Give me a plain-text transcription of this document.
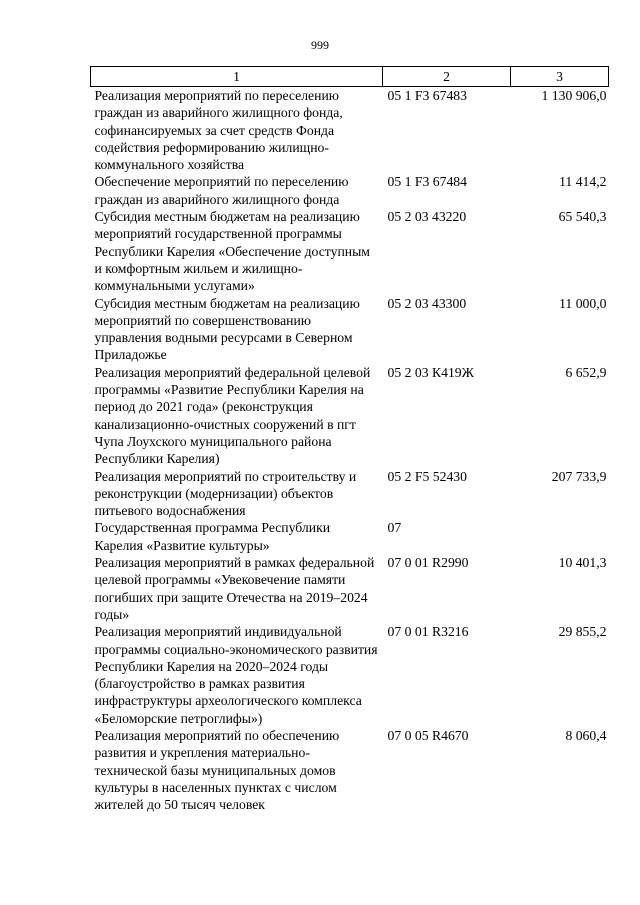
999
1	2	3
Реализация мероприятий по переселению граждан из аварийного жилищного фонда, софинансируемых за счет средств Фонда содействия реформированию жилищно-коммунального хозяйства	05 1 F3 67483	1 130 906,0
Обеспечение мероприятий по переселению граждан из аварийного жилищного фонда	05 1 F3 67484	11 414,2
Субсидия местным бюджетам на реализацию мероприятий государственной программы Республики Карелия «Обеспечение доступным и комфортным жильем и жилищно-коммунальными услугами»	05 2 03 43220	65 540,3
Субсидия местным бюджетам на реализацию мероприятий по совершенствованию управления водными ресурсами в Северном Приладожье	05 2 03 43300	11 000,0
Реализация мероприятий федеральной целевой программы «Развитие Республики Карелия на период до 2021 года» (реконструкция канализационно-очистных сооружений в пгт Чупа Лоухского муниципального района Республики Карелия)	05 2 03 К419Ж	6 652,9
Реализация мероприятий по строительству и реконструкции (модернизации) объектов питьевого водоснабжения	05 2 F5 52430	207 733,9
Государственная программа Республики Карелия «Развитие культуры»	07	
Реализация мероприятий в рамках федеральной целевой программы «Увековечение памяти погибших при защите Отечества на 2019–2024 годы»	07 0 01 R2990	10 401,3
Реализация мероприятий индивидуальной программы социально-экономического развития Республики Карелия на 2020–2024 годы (благоустройство в рамках развития инфраструктуры археологического комплекса «Беломорские петроглифы»)	07 0 01 R3216	29 855,2
Реализация мероприятий по обеспечению развития и укрепления материально-технической базы муниципальных домов культуры в населенных пунктах с числом жителей до 50 тысяч человек	07 0 05 R4670	8 060,4
